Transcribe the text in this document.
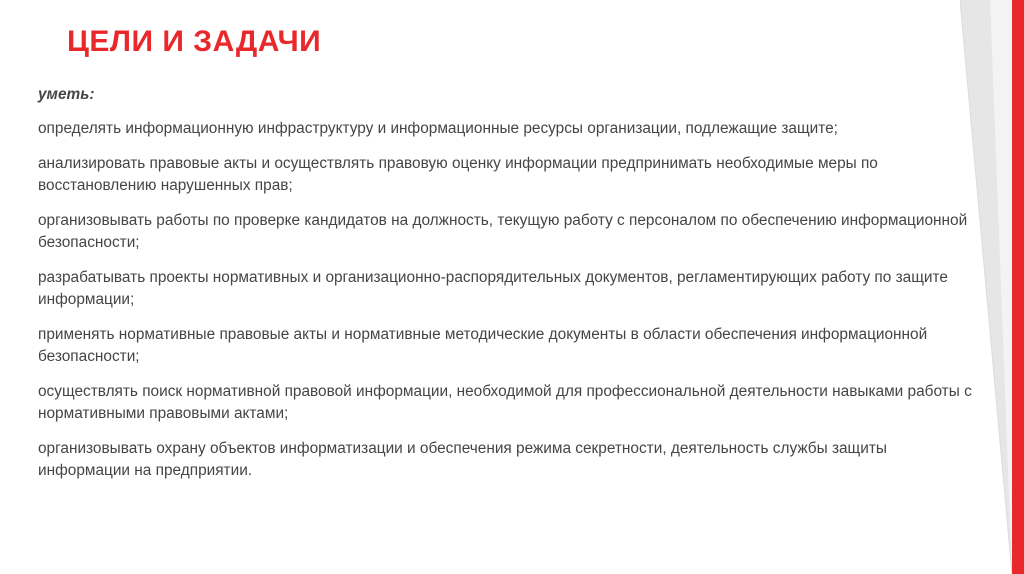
ЦЕЛИ И ЗАДАЧИ

уметь:

определять информационную инфраструктуру и информационные ресурсы организации, подлежащие защите;

анализировать правовые акты и осуществлять правовую оценку информации предпринимать необходимые меры по восстановлению нарушенных прав;

организовывать работы по проверке кандидатов на должность, текущую работу с персоналом по обеспечению информационной безопасности;

разрабатывать проекты нормативных и организационно-распорядительных документов, регламентирующих работу по защите информации;

применять нормативные правовые акты и нормативные методические документы в области обеспечения информационной безопасности;

осуществлять поиск нормативной правовой информации, необходимой для профессиональной деятельности навыками работы с нормативными правовыми актами;

организовывать охрану объектов информатизации и обеспечения режима секретности, деятельность службы защиты информации на предприятии.
